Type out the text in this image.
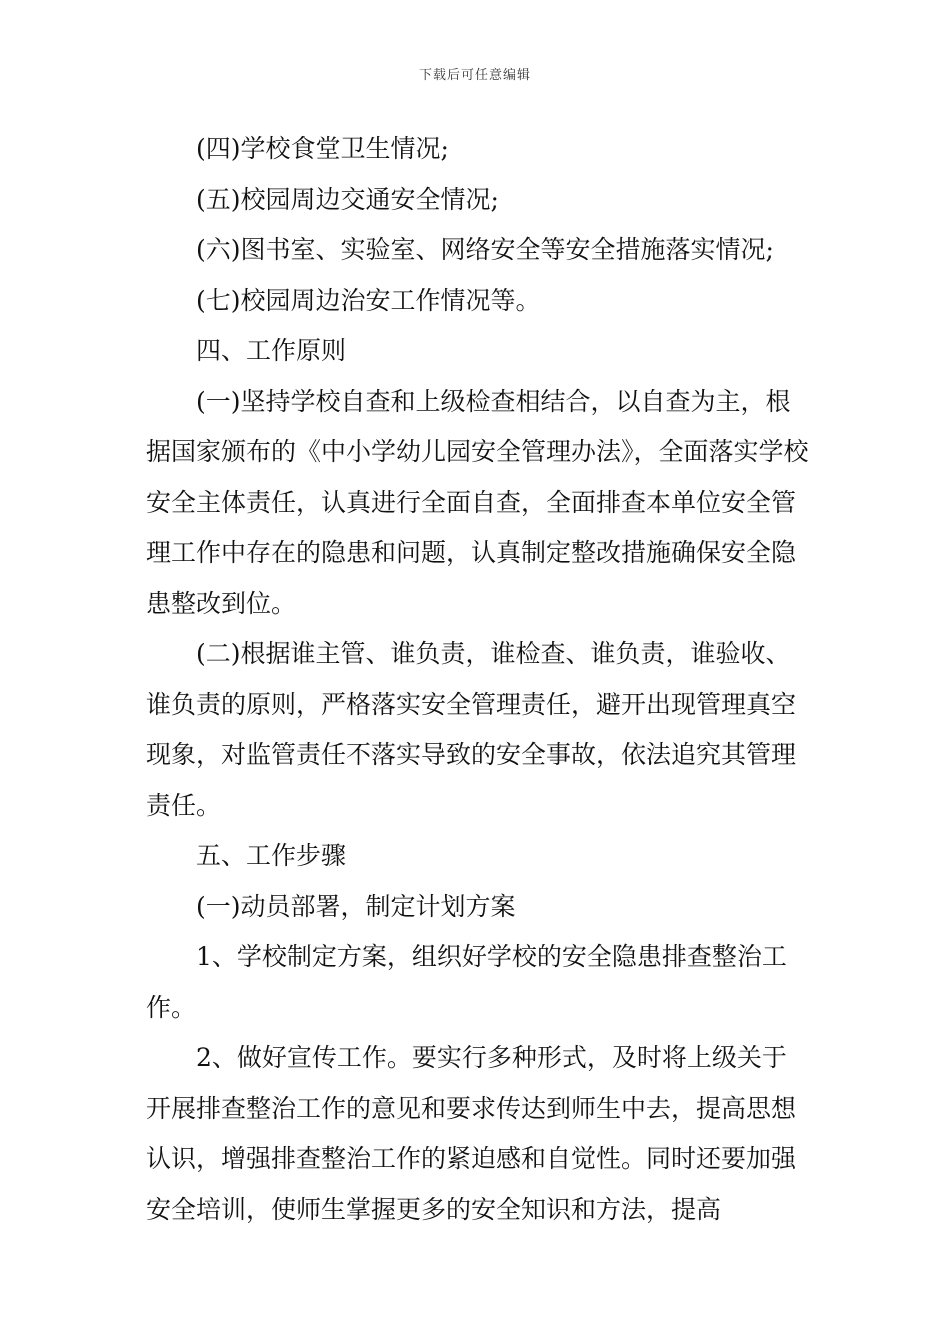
下载后可任意编辑

(四)学校食堂卫生情况;

(五)校园周边交通安全情况;

(六)图书室、实验室、网络安全等安全措施落实情况;

(七)校园周边治安工作情况等。

四、工作原则

(一)坚持学校自查和上级检查相结合，以自查为主，根据国家颁布的《中小学幼儿园安全管理办法》，全面落实学校安全主体责任，认真进行全面自查，全面排查本单位安全管理工作中存在的隐患和问题，认真制定整改措施确保安全隐患整改到位。

(二)根据谁主管、谁负责，谁检查、谁负责，谁验收、谁负责的原则，严格落实安全管理责任，避开出现管理真空现象，对监管责任不落实导致的安全事故，依法追究其管理责任。

五、工作步骤

(一)动员部署，制定计划方案

1、学校制定方案，组织好学校的安全隐患排查整治工作。

2、做好宣传工作。要实行多种形式，及时将上级关于开展排查整治工作的意见和要求传达到师生中去，提高思想认识，增强排查整治工作的紧迫感和自觉性。同时还要加强安全培训，使师生掌握更多的安全知识和方法，提高
